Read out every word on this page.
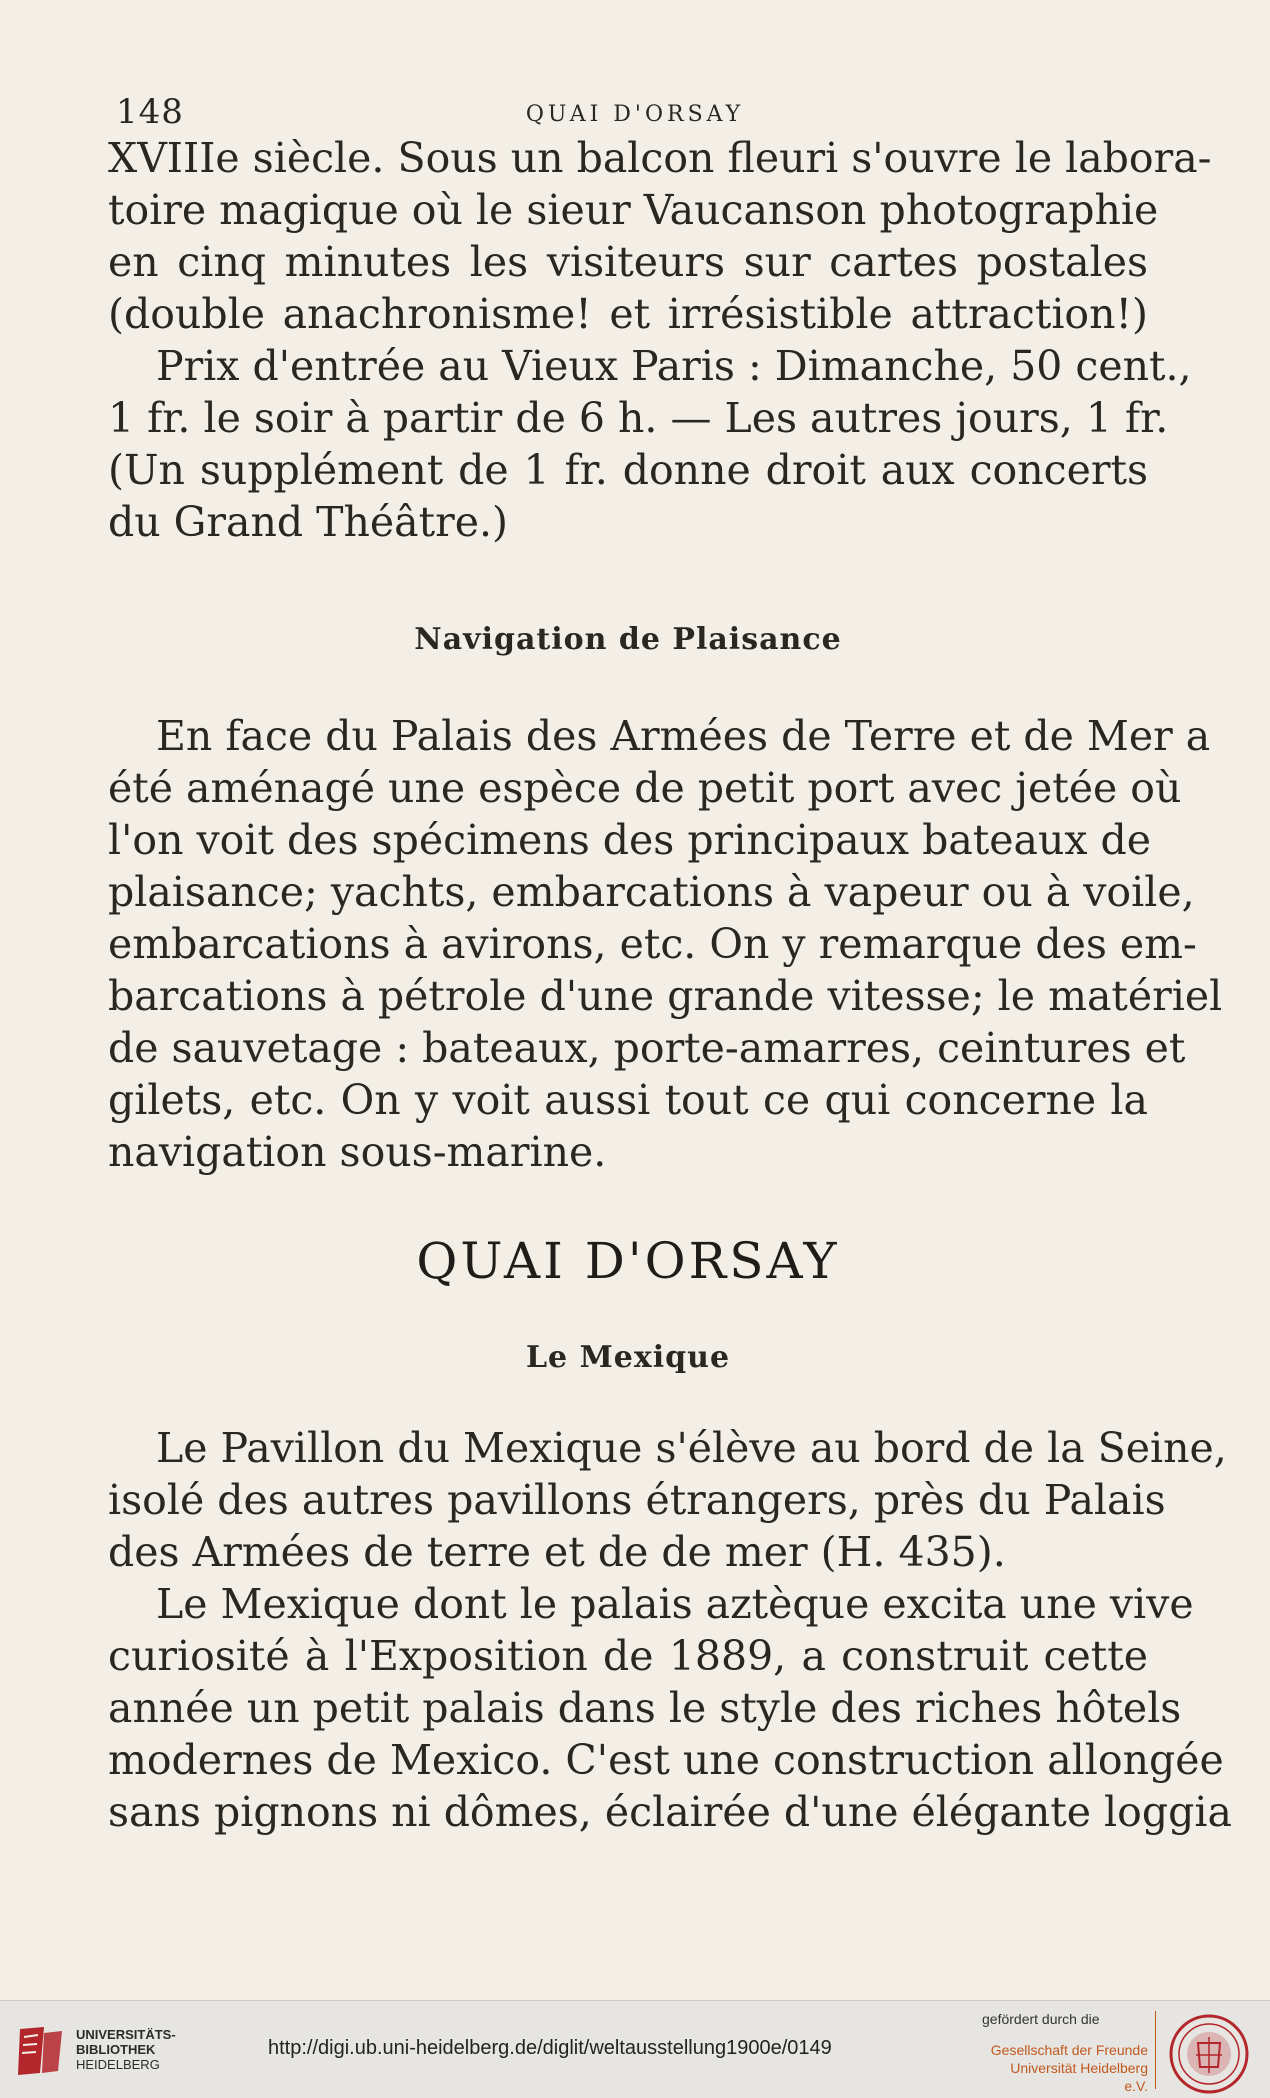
148	QUAI D'ORSAY
XVIIIe siècle. Sous un balcon fleuri s'ouvre le labora-
toire magique où le sieur Vaucanson photographie
en cinq minutes les visiteurs sur cartes postales
(double anachronisme! et irrésistible attraction!)
Prix d'entrée au Vieux Paris : Dimanche, 50 cent.,
1 fr. le soir à partir de 6 h. — Les autres jours, 1 fr.
(Un supplément de 1 fr. donne droit aux concerts
du Grand Théâtre.)
Navigation de Plaisance
En face du Palais des Armées de Terre et de Mer a
été aménagé une espèce de petit port avec jetée où
l'on voit des spécimens des principaux bateaux de
plaisance; yachts, embarcations à vapeur ou à voile,
embarcations à avirons, etc. On y remarque des em-
barcations à pétrole d'une grande vitesse; le matériel
de sauvetage : bateaux, porte-amarres, ceintures et
gilets, etc. On y voit aussi tout ce qui concerne la
navigation sous-marine.
QUAI D'ORSAY
Le Mexique
Le Pavillon du Mexique s'élève au bord de la Seine,
isolé des autres pavillons étrangers, près du Palais
des Armées de terre et de de mer (H. 435).
Le Mexique dont le palais aztèque excita une vive
curiosité à l'Exposition de 1889, a construit cette
année un petit palais dans le style des riches hôtels
modernes de Mexico. C'est une construction allongée
sans pignons ni dômes, éclairée d'une élégante loggia
UNIVERSITÄTS-
BIBLIOTHEK
HEIDELBERG
http://digi.ub.uni-heidelberg.de/diglit/weltausstellung1900e/0149
gefördert durch die
Gesellschaft der Freunde
Universität Heidelberg e.V.
